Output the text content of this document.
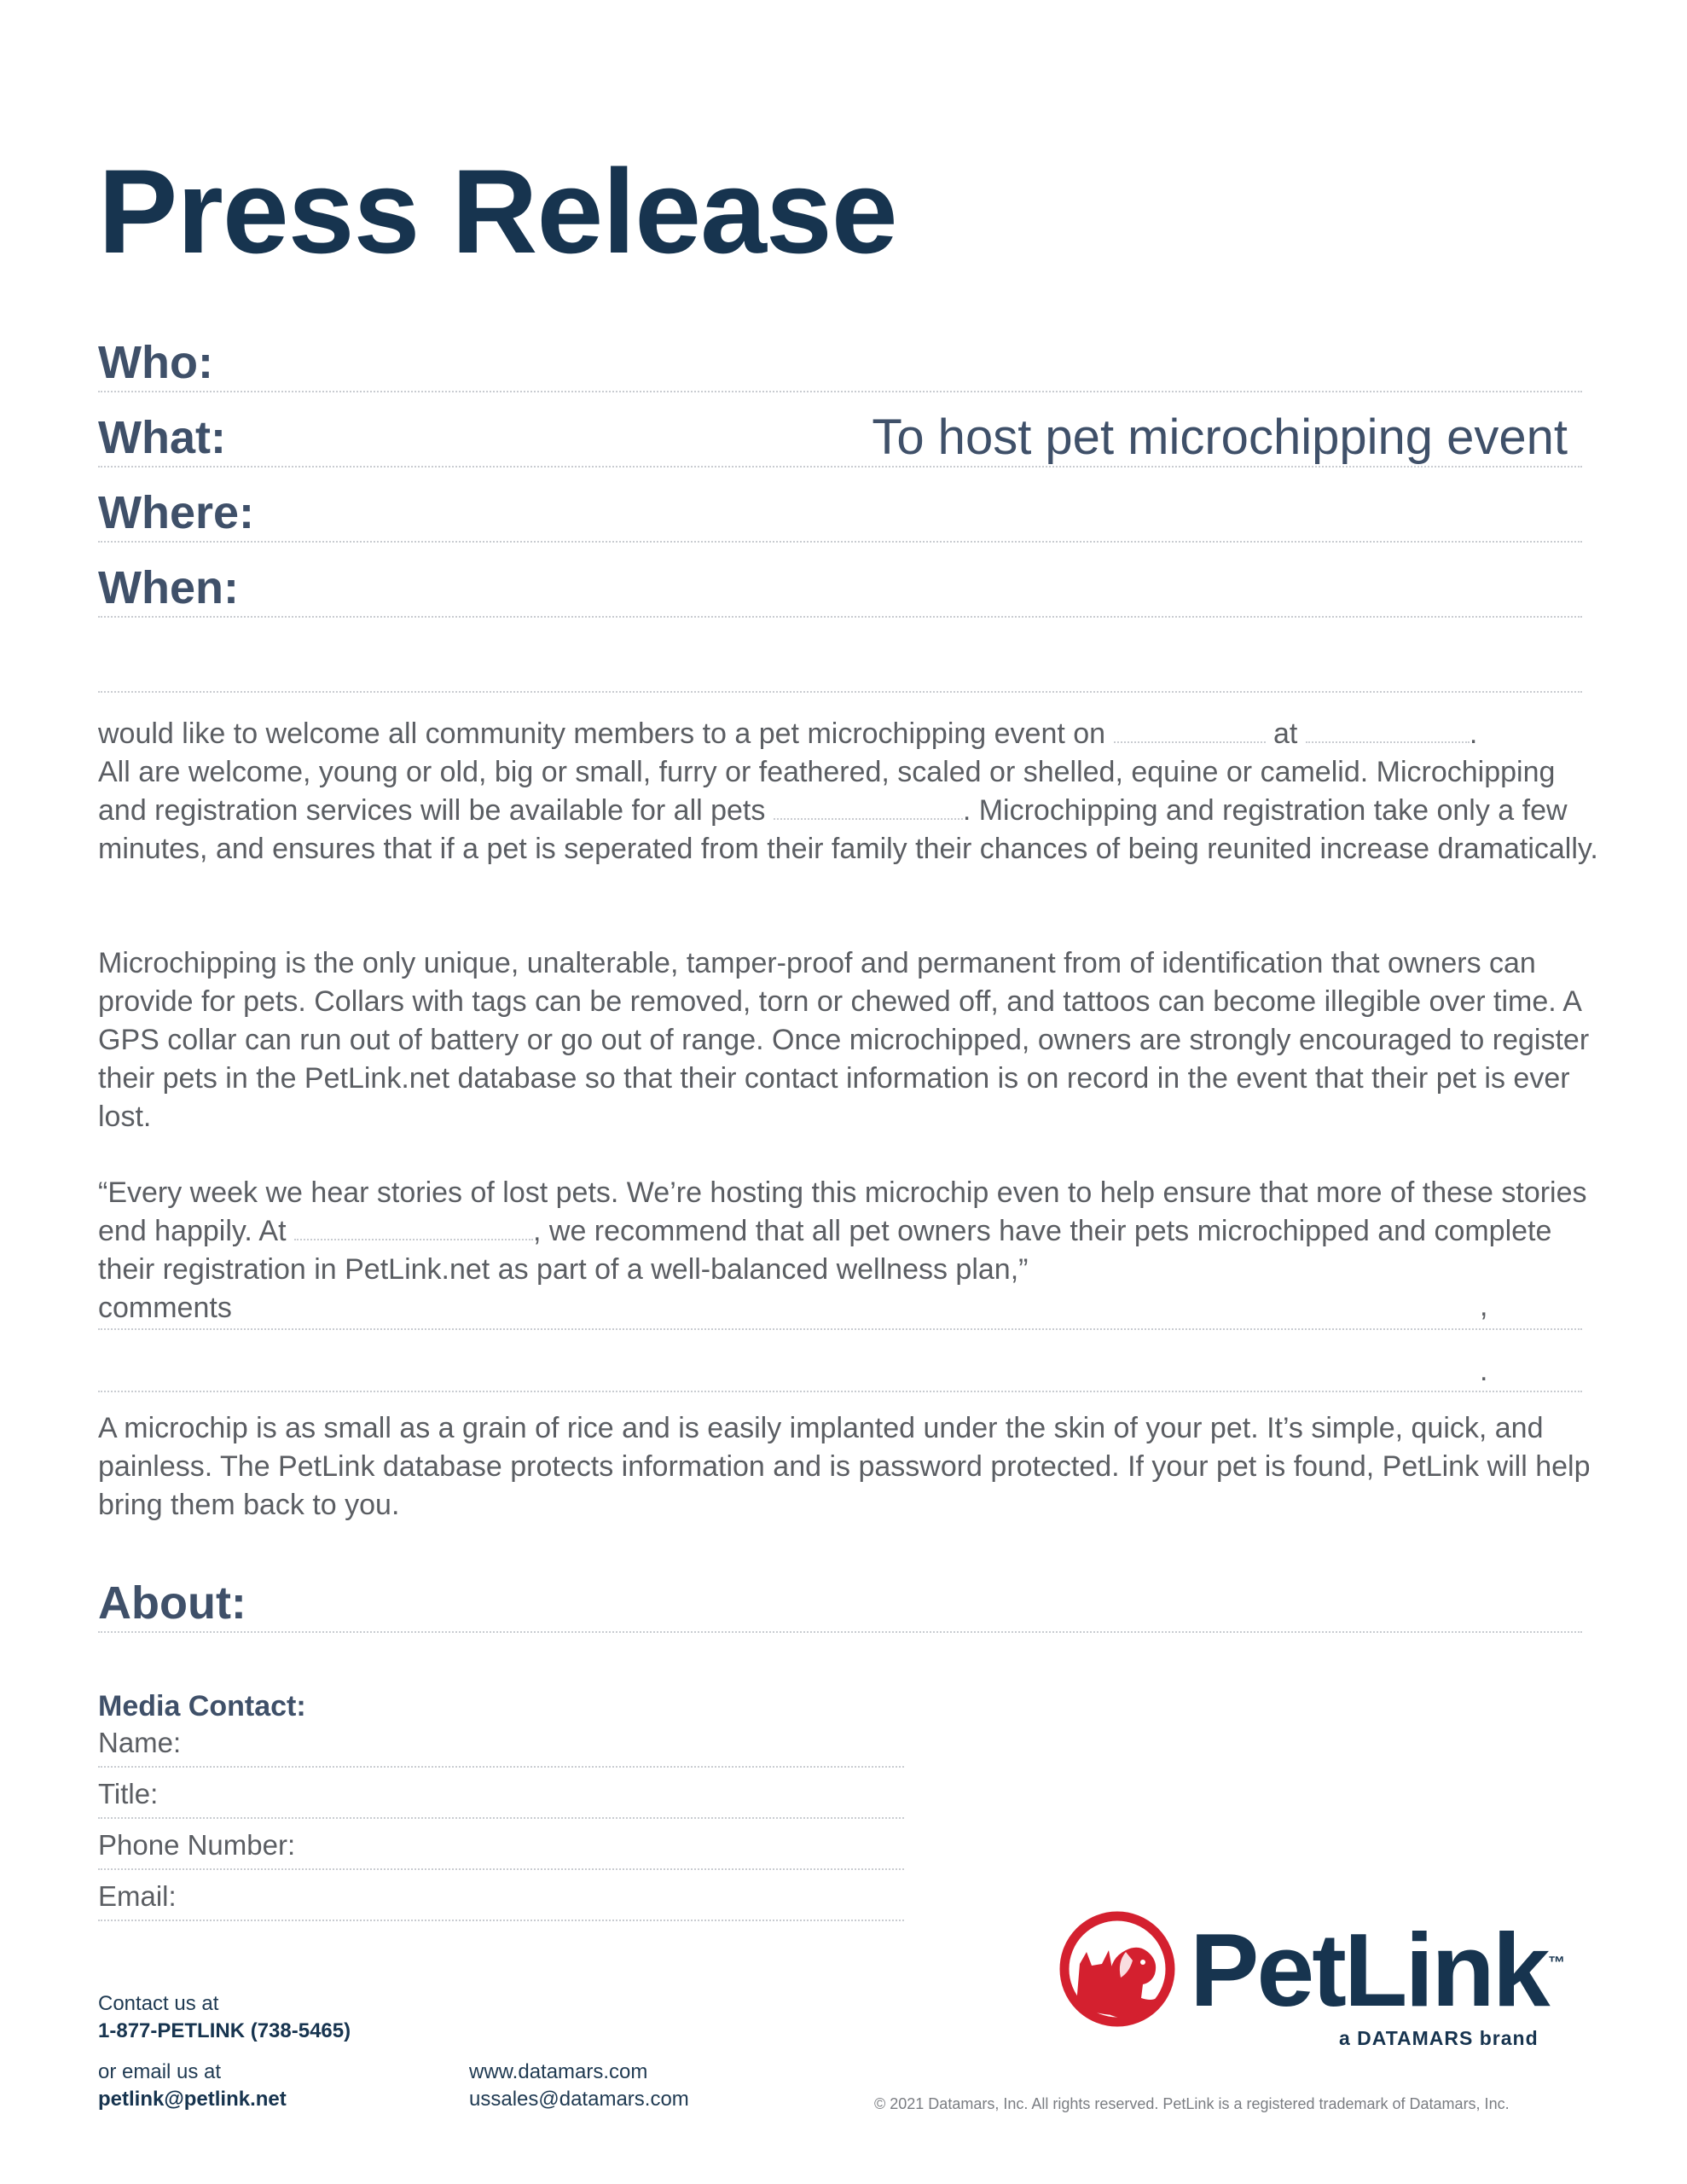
Press Release
Who:
What:	To host pet microchipping event
Where:
When:

would like to welcome all community members to a pet microchipping event on	at	.
All are welcome, young or old, big or small, furry or feathered, scaled or shelled, equine or camelid. Microchipping and registration services will be available for all pets	. Microchipping and registration take only a few minutes, and ensures that if a pet is seperated from their family their chances of being reunited increase dramatically.

Microchipping is the only unique, unalterable, tamper-proof and permanent from of identification that owners can provide for pets. Collars with tags can be removed, torn or chewed off, and tattoos can become illegible over time. A GPS collar can run out of battery or go out of range. Once microchipped, owners are strongly encouraged to register their pets in the PetLink.net database so that their contact information is on record in the event that their pet is ever lost.

“Every week we hear stories of lost pets. We’re hosting this microchip even to help ensure that more of these stories end happily. At	, we recommend that all pet owners have their pets microchipped and complete their registration in PetLink.net as part of a well-balanced wellness plan,”
comments	,
.

A microchip is as small as a grain of rice and is easily implanted under the skin of your pet. It’s simple, quick, and painless. The PetLink database protects information and is password protected. If your pet is found, PetLink will help bring them back to you.

About:
Media Contact:
Name:
Title:
Phone Number:
Email:
Contact us at
1-877-PETLINK (738-5465)
or email us at
petlink@petlink.net
www.datamars.com
ussales@datamars.com	© 2021 Datamars, Inc. All rights reserved. PetLink is a registered trademark of Datamars, Inc.
PetLink ™
a DATAMARS brand
